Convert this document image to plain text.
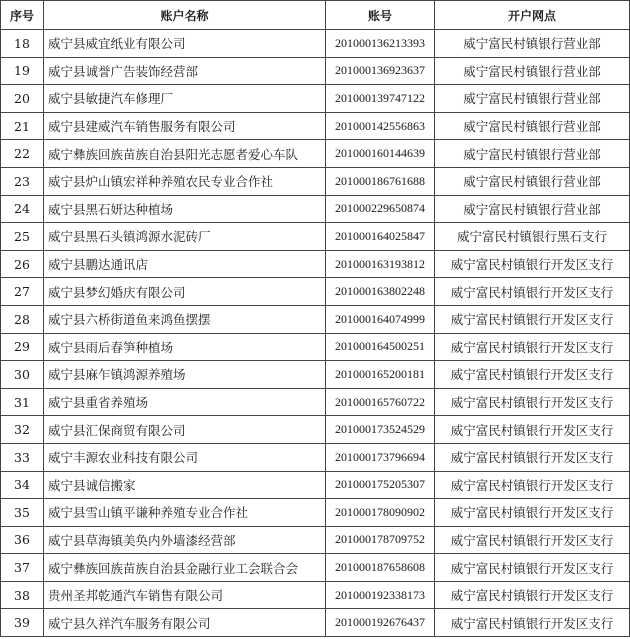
序号	账户名称	账号	开户网点
18	威宁县威宜纸业有限公司	201000136213393	威宁富民村镇银行营业部
19	威宁县诚誉广告装饰经营部	201000136923637	威宁富民村镇银行营业部
20	威宁县敏捷汽车修理厂	201000139747122	威宁富民村镇银行营业部
21	威宁县建威汽车销售服务有限公司	201000142556863	威宁富民村镇银行营业部
22	威宁彝族回族苗族自治县阳光志愿者爱心车队	201000160144639	威宁富民村镇银行营业部
23	威宁县炉山镇宏祥种养殖农民专业合作社	201000186761688	威宁富民村镇银行营业部
24	威宁县黑石妍达种植场	201000229650874	威宁富民村镇银行营业部
25	威宁县黑石头镇鸿源水泥砖厂	201000164025847	威宁富民村镇银行黑石支行
26	威宁县鹏达通讯店	201000163193812	威宁富民村镇银行开发区支行
27	威宁县梦幻婚庆有限公司	201000163802248	威宁富民村镇银行开发区支行
28	威宁县六桥街道鱼来鸿鱼摆摆	201000164074999	威宁富民村镇银行开发区支行
29	威宁县雨后春笋种植场	201000164500251	威宁富民村镇银行开发区支行
30	威宁县麻乍镇鸿源养殖场	201000165200181	威宁富民村镇银行开发区支行
31	威宁县重省养殖场	201000165760722	威宁富民村镇银行开发区支行
32	威宁县汇保商贸有限公司	201000173524529	威宁富民村镇银行开发区支行
33	威宁丰源农业科技有限公司	201000173796694	威宁富民村镇银行开发区支行
34	威宁县诚信搬家	201000175205307	威宁富民村镇银行开发区支行
35	威宁县雪山镇平谦种养殖专业合作社	201000178090902	威宁富民村镇银行开发区支行
36	威宁县草海镇美奂内外墙漆经营部	201000178709752	威宁富民村镇银行开发区支行
37	威宁彝族回族苗族自治县金融行业工会联合会	201000187658608	威宁富民村镇银行开发区支行
38	贵州圣邦乾通汽车销售有限公司	201000192338173	威宁富民村镇银行开发区支行
39	威宁县久祥汽车服务有限公司	201000192676437	威宁富民村镇银行开发区支行
